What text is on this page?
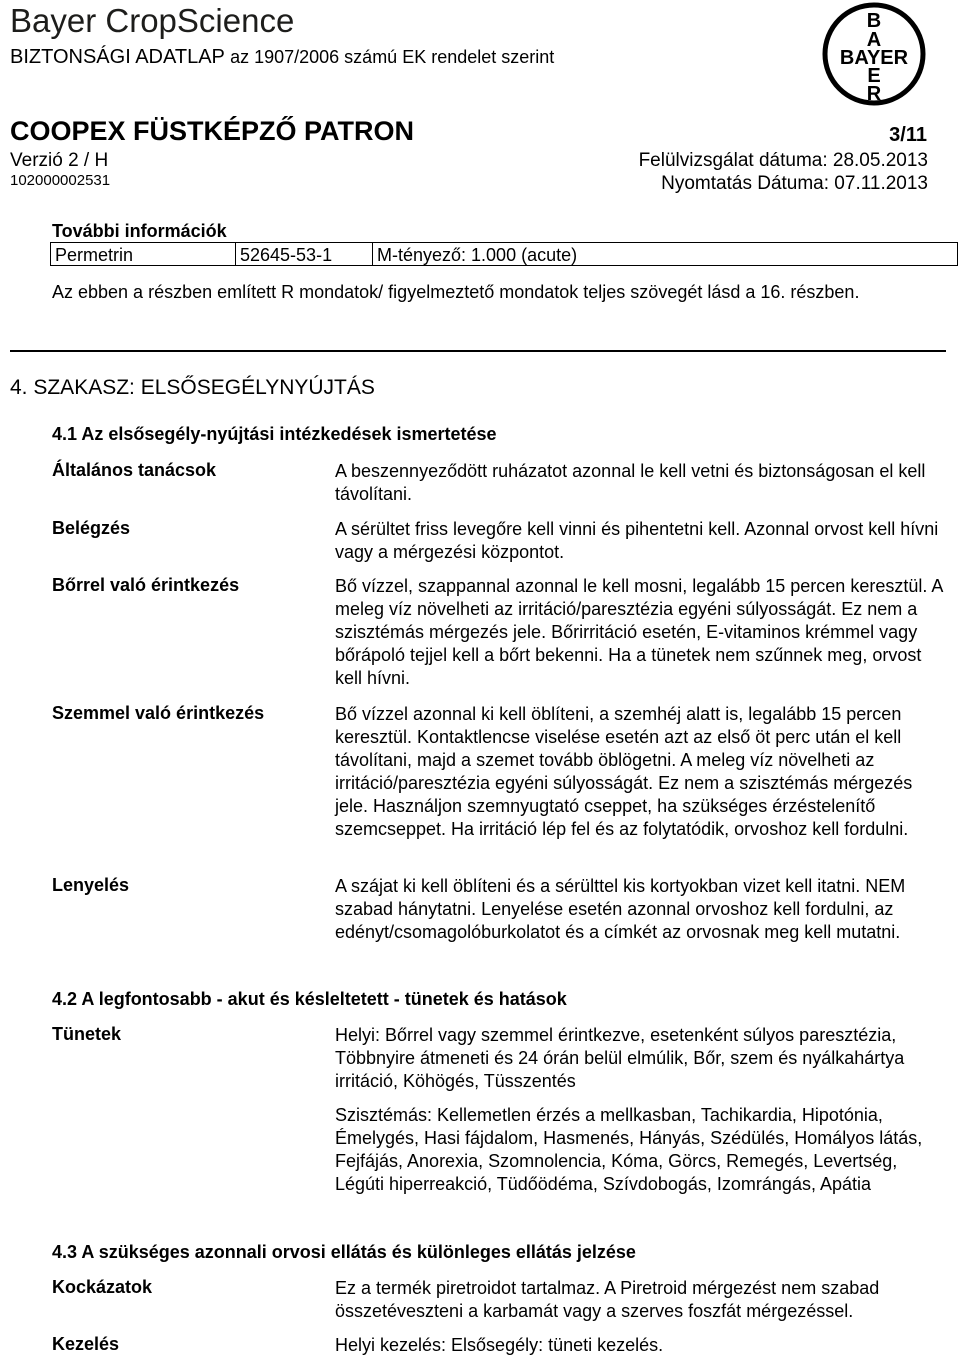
Bayer CropScience
BIZTONSÁGI ADATLAP az 1907/2006 számú EK rendelet szerint
B
A
BAYER
E
R
COOPEX FÜSTKÉPZŐ PATRON	3/11
Verzió 2 / H	Felülvizsgálat dátuma: 28.05.2013
102000002531	Nyomtatás Dátuma: 07.11.2013
További információk
Permetrin	52645-53-1	M-tényező: 1.000 (acute)
Az ebben a részben említett R mondatok/ figyelmeztető mondatok teljes szövegét lásd a 16. részben.
4. SZAKASZ: ELSŐSEGÉLYNYÚJTÁS
4.1 Az elsősegély-nyújtási intézkedések ismertetése
Általános tanácsok	A beszennyeződött ruházatot azonnal le kell vetni és biztonságosan el kell távolítani.
Belégzés	A sérültet friss levegőre kell vinni és pihentetni kell. Azonnal orvost kell hívni vagy a mérgezési központot.
Bőrrel való érintkezés	Bő vízzel, szappannal azonnal le kell mosni, legalább 15 percen keresztül. A meleg víz növelheti az irritáció/paresztézia egyéni súlyosságát. Ez nem a szisztémás mérgezés jele. Bőrirritáció esetén, E-vitaminos krémmel vagy bőrápoló tejjel kell a bőrt bekenni. Ha a tünetek nem szűnnek meg, orvost kell hívni.
Szemmel való érintkezés	Bő vízzel azonnal ki kell öblíteni, a szemhéj alatt is, legalább 15 percen keresztül. Kontaktlencse viselése esetén azt az első öt perc után el kell távolítani, majd a szemet tovább öblögetni. A meleg víz növelheti az irritáció/paresztézia egyéni súlyosságát. Ez nem a szisztémás mérgezés jele. Használjon szemnyugtató cseppet, ha szükséges érzéstelenítő szemcseppet. Ha irritáció lép fel és az folytatódik, orvoshoz kell fordulni.
Lenyelés	A szájat ki kell öblíteni és a sérülttel kis kortyokban vizet kell itatni. NEM szabad hánytatni. Lenyelése esetén azonnal orvoshoz kell fordulni, az edényt/csomagolóburkolatot és a címkét az orvosnak meg kell mutatni.
4.2 A legfontosabb - akut és késleltetett - tünetek és hatások
Tünetek	Helyi: Bőrrel vagy szemmel érintkezve, esetenként súlyos paresztézia, Többnyire átmeneti és 24 órán belül elmúlik, Bőr, szem és nyálkahártya irritáció, Köhögés, Tüsszentés
Szisztémás: Kellemetlen érzés a mellkasban, Tachikardia, Hipotónia, Émelygés, Hasi fájdalom, Hasmenés, Hányás, Szédülés, Homályos látás, Fejfájás, Anorexia, Szomnolencia, Kóma, Görcs, Remegés, Levertség, Légúti hiperreakció, Tüdőödéma, Szívdobogás, Izomrángás, Apátia
4.3 A szükséges azonnali orvosi ellátás és különleges ellátás jelzése
Kockázatok	Ez a termék piretroidot tartalmaz. A Piretroid mérgezést nem szabad összetéveszteni a karbamát vagy a szerves foszfát mérgezéssel.
Kezelés	Helyi kezelés: Elsősegély: tüneti kezelés.
